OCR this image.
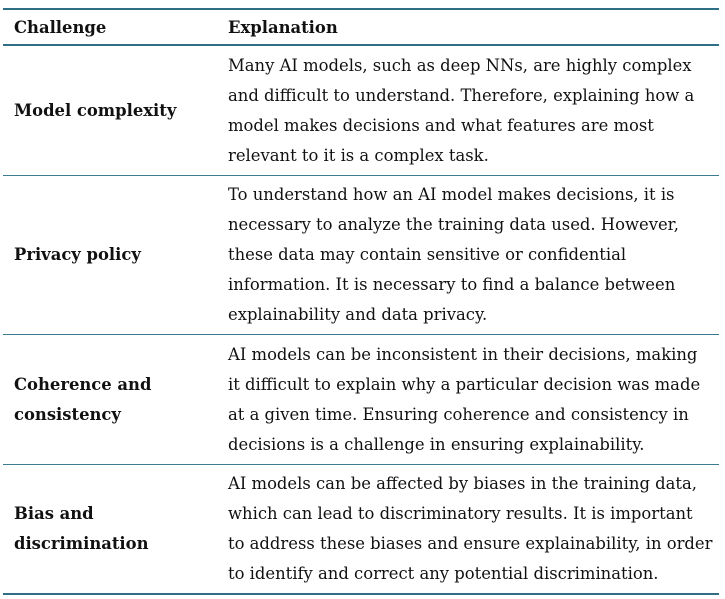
Challenge	Explanation
Model complexity	Many AI models, such as deep NNs, are highly complex and difficult to understand. Therefore, explaining how a model makes decisions and what features are most relevant to it is a complex task.
Privacy policy	To understand how an AI model makes decisions, it is necessary to analyze the training data used. However, these data may contain sensitive or confidential information. It is necessary to find a balance between explainability and data privacy.
Coherence and consistency	AI models can be inconsistent in their decisions, making it difficult to explain why a particular decision was made at a given time. Ensuring coherence and consistency in decisions is a challenge in ensuring explainability.
Bias and discrimination	AI models can be affected by biases in the training data, which can lead to discriminatory results. It is important to address these biases and ensure explainability, in order to identify and correct any potential discrimination.
